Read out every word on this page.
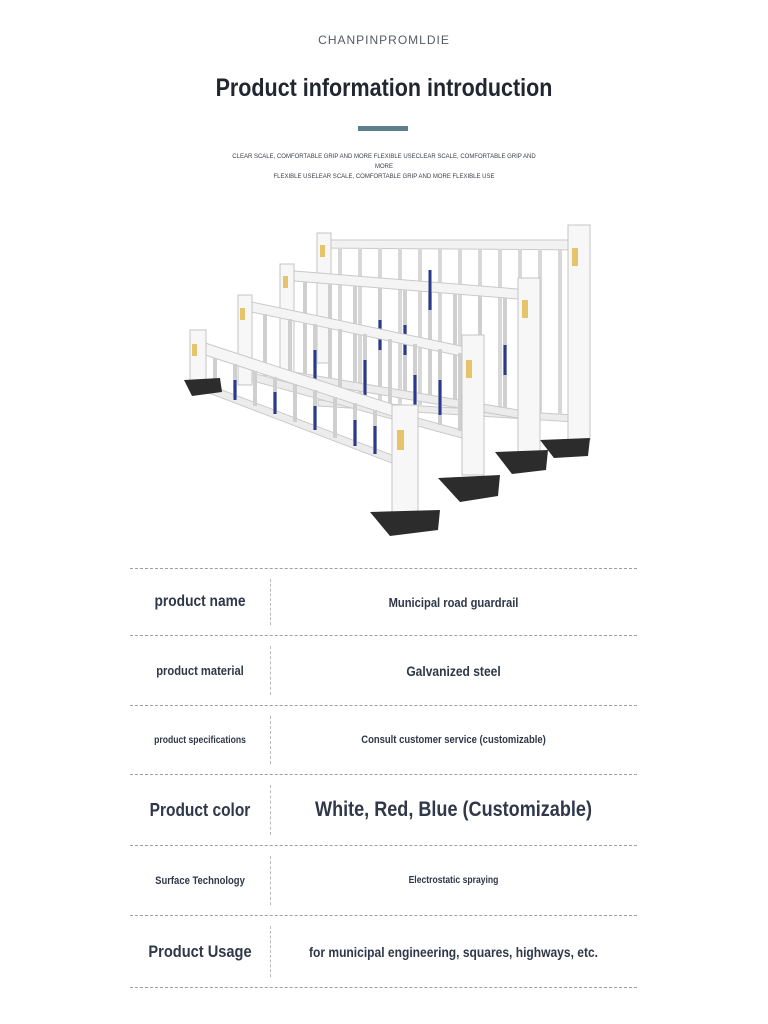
CHANPINPROMLDIE
Product information introduction
CLEAR SCALE, COMFORTABLE GRIP AND MORE FLEXIBLE USECLEAR SCALE, COMFORTABLE GRIP AND MORE
FLEXIBLE USELEAR SCALE, COMFORTABLE GRIP AND MORE FLEXIBLE USE
product name	Municipal road guardrail
product material	Galvanized steel
product specifications	Consult customer service (customizable)
Product color	White, Red, Blue (Customizable)
Surface Technology	Electrostatic spraying
Product Usage	for municipal engineering, squares, highways, etc.
